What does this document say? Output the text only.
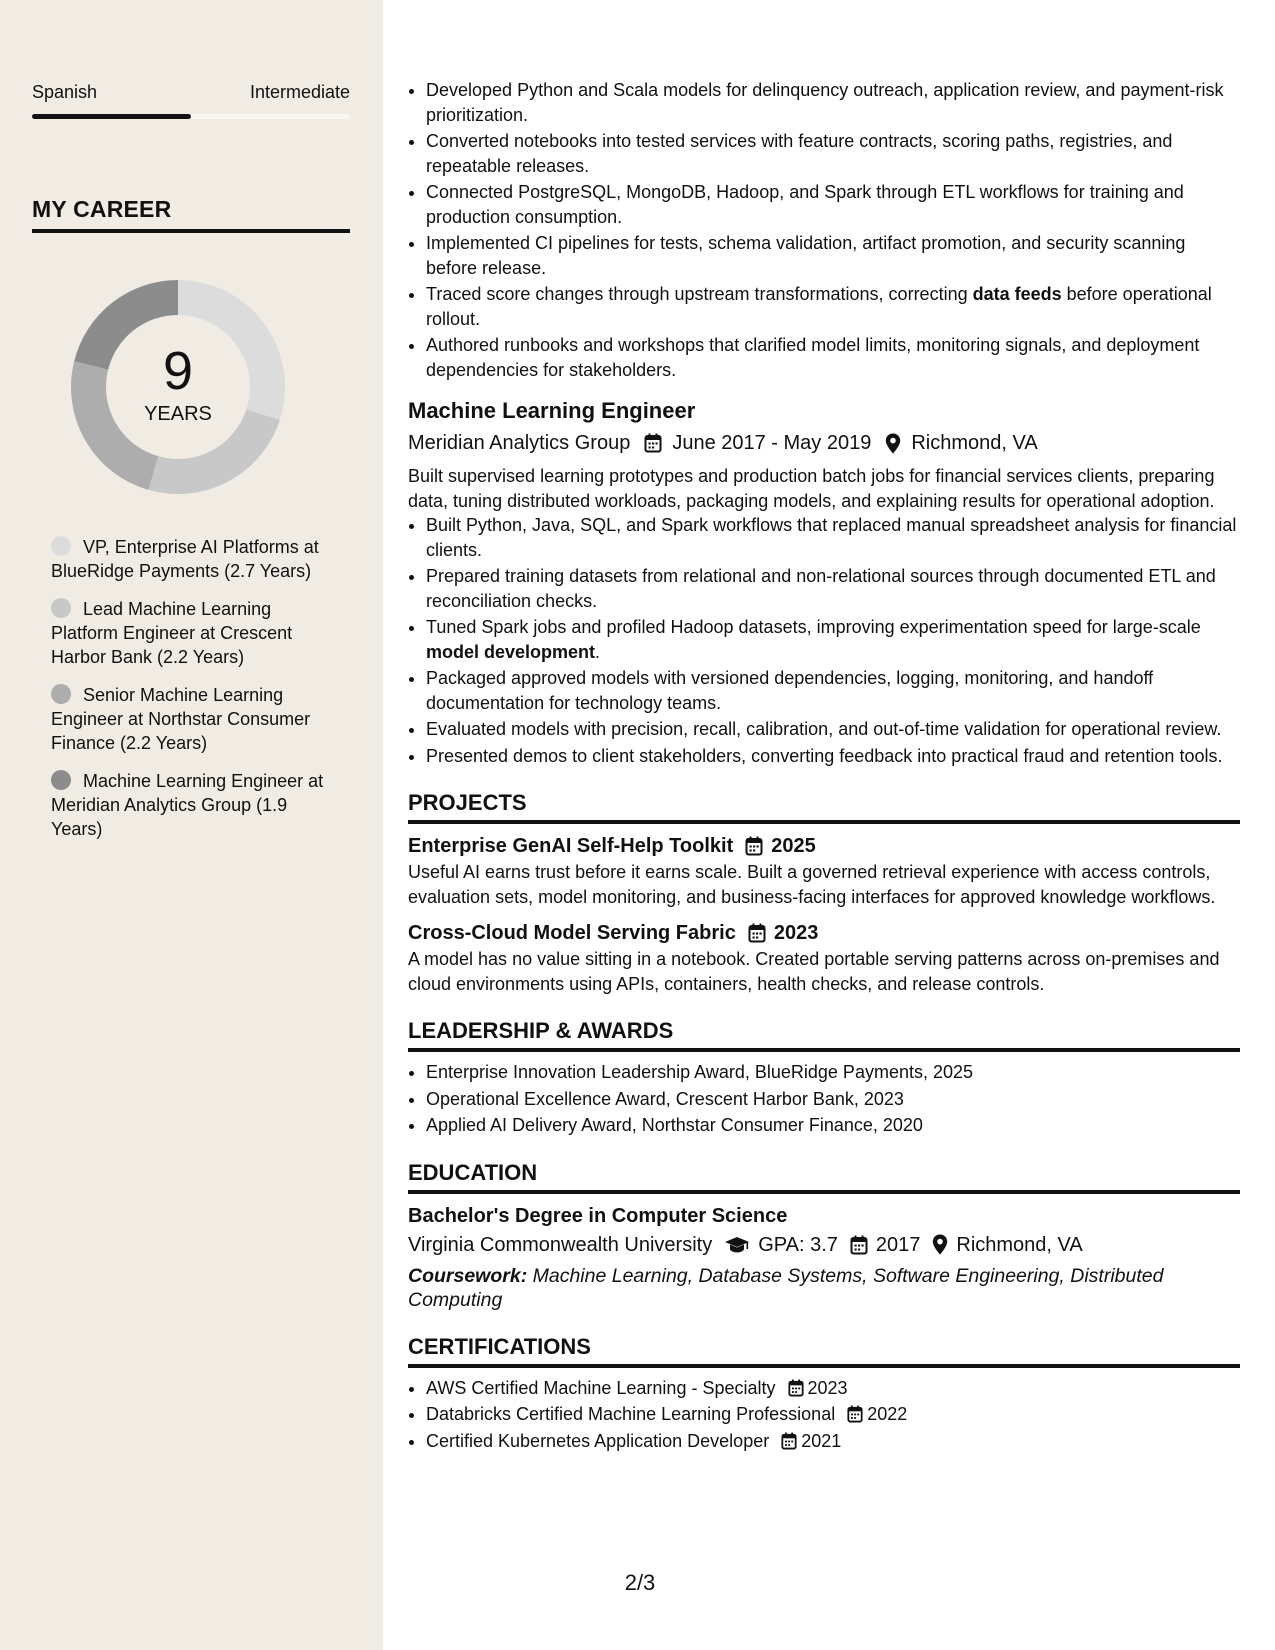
Spanish	Intermediate
MY CAREER
9
YEARS
VP, Enterprise AI Platforms at BlueRidge Payments (2.7 Years)
Lead Machine Learning Platform Engineer at Crescent Harbor Bank (2.2 Years)
Senior Machine Learning Engineer at Northstar Consumer Finance (2.2 Years)
Machine Learning Engineer at Meridian Analytics Group (1.9 Years)
• Developed Python and Scala models for delinquency outreach, application review, and payment-risk prioritization.
• Converted notebooks into tested services with feature contracts, scoring paths, registries, and repeatable releases.
• Connected PostgreSQL, MongoDB, Hadoop, and Spark through ETL workflows for training and production consumption.
• Implemented CI pipelines for tests, schema validation, artifact promotion, and security scanning before release.
• Traced score changes through upstream transformations, correcting data feeds before operational rollout.
• Authored runbooks and workshops that clarified model limits, monitoring signals, and deployment dependencies for stakeholders.
Machine Learning Engineer
Meridian Analytics Group June 2017 - May 2019 Richmond, VA
Built supervised learning prototypes and production batch jobs for financial services clients, preparing data, tuning distributed workloads, packaging models, and explaining results for operational adoption.
• Built Python, Java, SQL, and Spark workflows that replaced manual spreadsheet analysis for financial clients.
• Prepared training datasets from relational and non-relational sources through documented ETL and reconciliation checks.
• Tuned Spark jobs and profiled Hadoop datasets, improving experimentation speed for large-scale model development.
• Packaged approved models with versioned dependencies, logging, monitoring, and handoff documentation for technology teams.
• Evaluated models with precision, recall, calibration, and out-of-time validation for operational review.
• Presented demos to client stakeholders, converting feedback into practical fraud and retention tools.
PROJECTS
Enterprise GenAI Self-Help Toolkit 2025
Useful AI earns trust before it earns scale. Built a governed retrieval experience with access controls, evaluation sets, model monitoring, and business-facing interfaces for approved knowledge workflows.
Cross-Cloud Model Serving Fabric 2023
A model has no value sitting in a notebook. Created portable serving patterns across on-premises and cloud environments using APIs, containers, health checks, and release controls.
LEADERSHIP & AWARDS
• Enterprise Innovation Leadership Award, BlueRidge Payments, 2025
• Operational Excellence Award, Crescent Harbor Bank, 2023
• Applied AI Delivery Award, Northstar Consumer Finance, 2020
EDUCATION
Bachelor's Degree in Computer Science
Virginia Commonwealth University GPA: 3.7 2017 Richmond, VA
Coursework: Machine Learning, Database Systems, Software Engineering, Distributed Computing
CERTIFICATIONS
• AWS Certified Machine Learning - Specialty 2023
• Databricks Certified Machine Learning Professional 2022
• Certified Kubernetes Application Developer 2021
2/3
